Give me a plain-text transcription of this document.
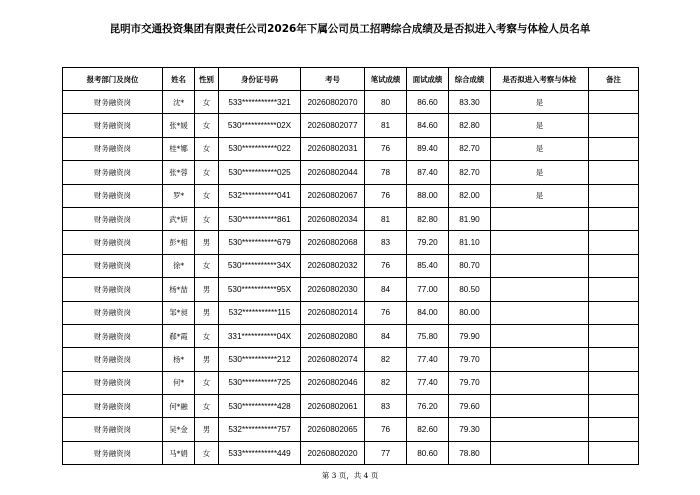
昆明市交通投资集团有限责任公司2026年下属公司员工招聘综合成绩及是否拟进入考察与体检人员名单
报考部门及岗位	姓名	性别	身份证号码	考号	笔试成绩	面试成绩	综合成绩	是否拟进入考察与体检	备注
财务融资岗	沈*	女	533***********321	20260802070	80	86.60	83.30	是	
财务融资岗	张*媛	女	530***********02X	20260802077	81	84.60	82.80	是	
财务融资岗	桂*娜	女	530***********022	20260802031	76	89.40	82.70	是	
财务融资岗	张*蓉	女	530***********025	20260802044	78	87.40	82.70	是	
财务融资岗	罗*	女	532***********041	20260802067	76	88.00	82.00	是	
财务融资岗	武*妍	女	530***********861	20260802034	81	82.80	81.90		
财务融资岗	彭*相	男	530***********679	20260802068	83	79.20	81.10		
财务融资岗	徐*	女	530***********34X	20260802032	76	85.40	80.70		
财务融资岗	杨*喆	男	530***********95X	20260802030	84	77.00	80.50		
财务融资岗	邹*昶	男	532***********115	20260802014	76	84.00	80.00		
财务融资岗	郗*霞	女	331***********04X	20260802080	84	75.80	79.90		
财务融资岗	杨*	男	530***********212	20260802074	82	77.40	79.70		
财务融资岗	何*	女	530***********725	20260802046	82	77.40	79.70		
财务融资岗	何*融	女	530***********428	20260802061	83	76.20	79.60		
财务融资岗	吴*金	男	532***********757	20260802065	76	82.60	79.30		
财务融资岗	马*娟	女	533***********449	20260802020	77	80.60	78.80		
第 3 页，共 4 页
